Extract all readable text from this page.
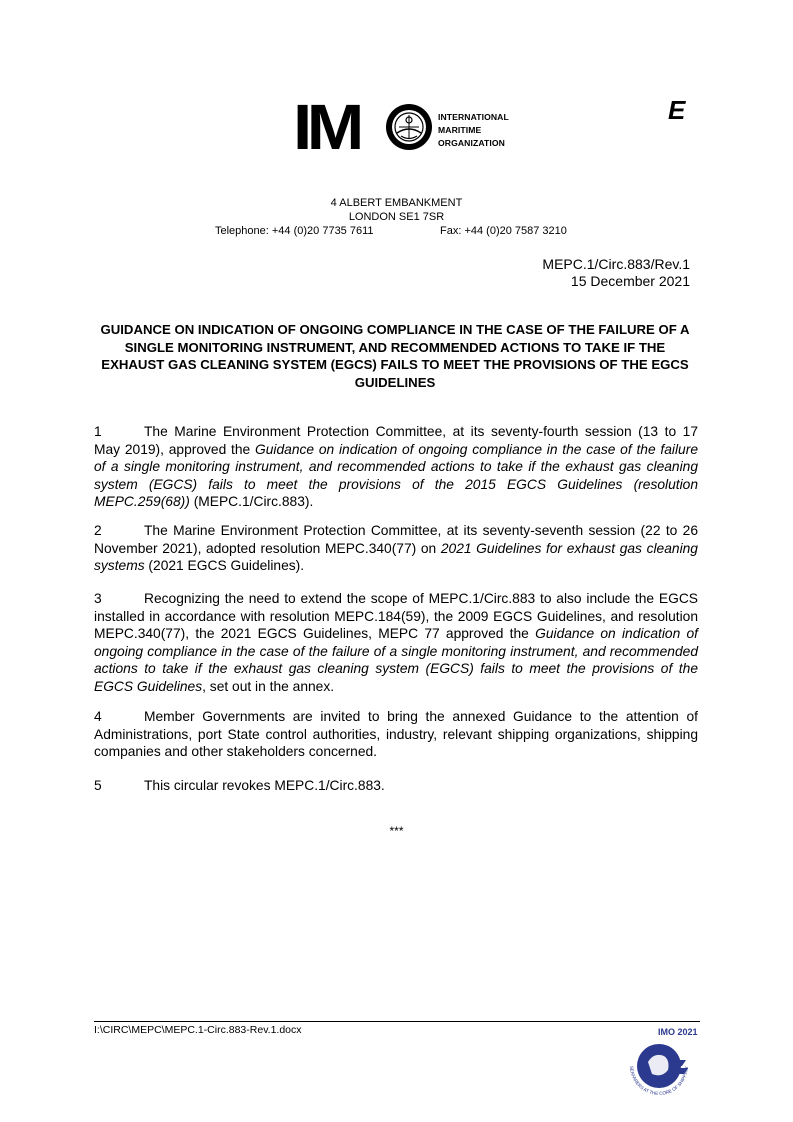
IM	INTERNATIONAL
MARITIME
ORGANIZATION
E
4 ALBERT EMBANKMENT
LONDON SE1 7SR
Telephone: +44 (0)20 7735 7611	Fax: +44 (0)20 7587 3210
MEPC.1/Circ.883/Rev.1
15 December 2021
GUIDANCE ON INDICATION OF ONGOING COMPLIANCE IN THE CASE OF THE FAILURE OF A SINGLE MONITORING INSTRUMENT, AND RECOMMENDED ACTIONS TO TAKE IF THE EXHAUST GAS CLEANING SYSTEM (EGCS) FAILS TO MEET THE PROVISIONS OF THE EGCS GUIDELINES
1	The Marine Environment Protection Committee, at its seventy-fourth session (13 to 17 May 2019), approved the Guidance on indication of ongoing compliance in the case of the failure of a single monitoring instrument, and recommended actions to take if the exhaust gas cleaning system (EGCS) fails to meet the provisions of the 2015 EGCS Guidelines (resolution MEPC.259(68)) (MEPC.1/Circ.883).
2	The Marine Environment Protection Committee, at its seventy-seventh session (22 to 26 November 2021), adopted resolution MEPC.340(77) on 2021 Guidelines for exhaust gas cleaning systems (2021 EGCS Guidelines).
3	Recognizing the need to extend the scope of MEPC.1/Circ.883 to also include the EGCS installed in accordance with resolution MEPC.184(59), the 2009 EGCS Guidelines, and resolution MEPC.340(77), the 2021 EGCS Guidelines, MEPC 77 approved the Guidance on indication of ongoing compliance in the case of the failure of a single monitoring instrument, and recommended actions to take if the exhaust gas cleaning system (EGCS) fails to meet the provisions of the EGCS Guidelines, set out in the annex.
4	Member Governments are invited to bring the annexed Guidance to the attention of Administrations, port State control authorities, industry, relevant shipping organizations, shipping companies and other stakeholders concerned.
5	This circular revokes MEPC.1/Circ.883.
***
I:\CIRC\MEPC\MEPC.1-Circ.883-Rev.1.docx	IMO 2021
SEAFARERS AT THE CORE OF SHIPPING'
